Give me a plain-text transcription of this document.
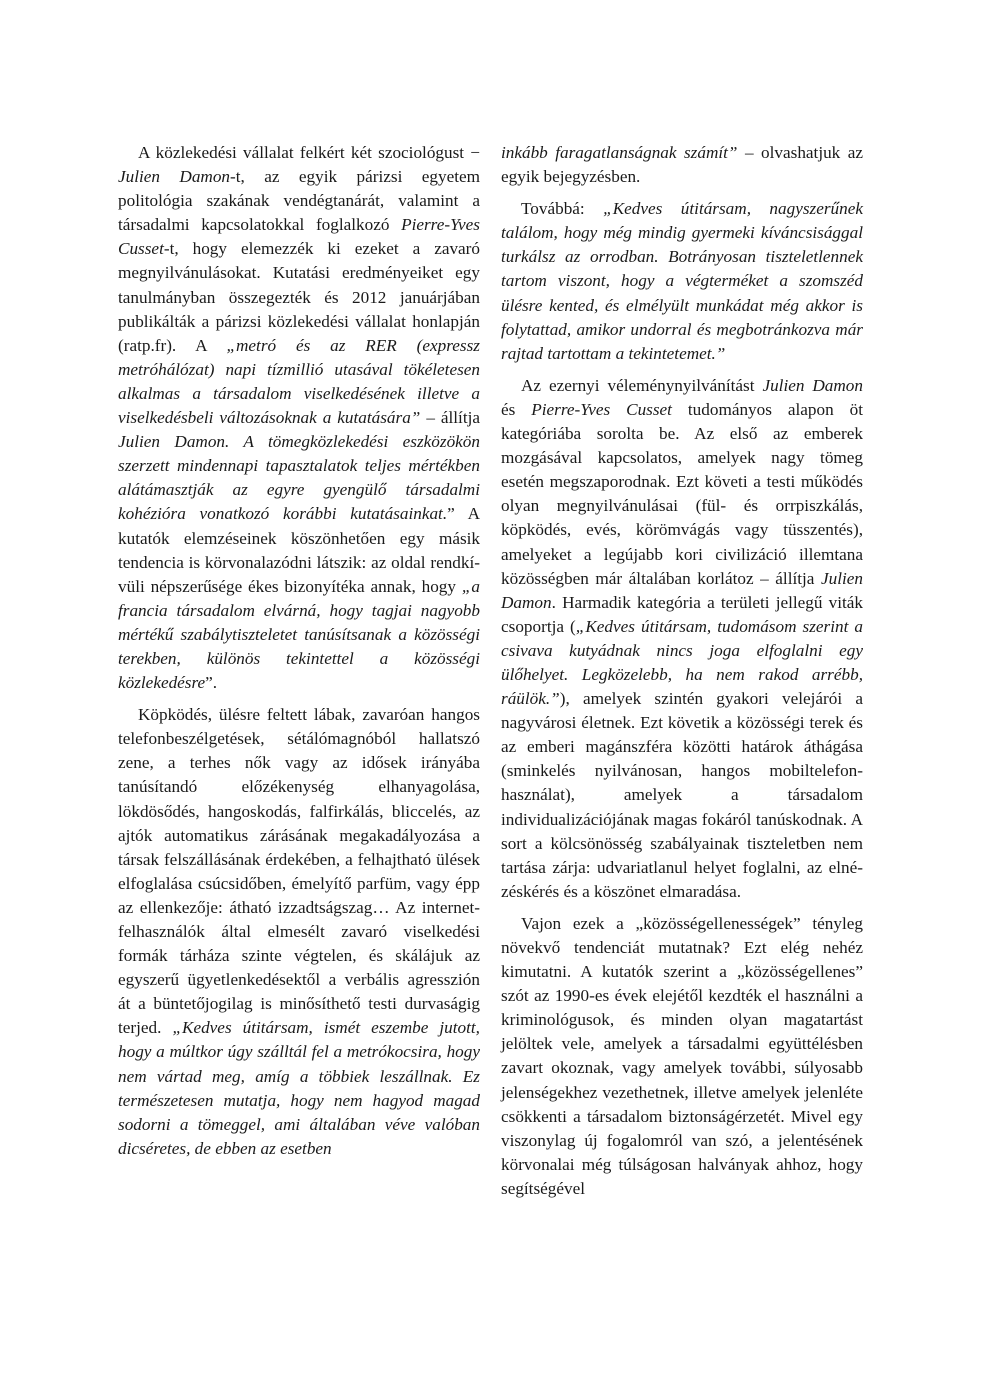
A közlekedési vállalat felkért két szociológust − Julien Damon-t, az egyik párizsi egyetem politológia szakának vendégtanárát, valamint a társadalmi kapcsolatokkal foglalkozó Pierre-Yves Cusset-t, hogy elemezzék ki ezeket a zavaró megnyilvánulásokat. Kutatási eredményeiket egy tanulmányban összegezték és 2012 januárjában publikálták a párizsi közlekedési vállalat honlapján (ratp.fr). A „metró és az RER (expressz metróhálózat) napi tízmillió utasával tökéletesen alkalmas a társadalom viselkedésének illetve a viselkedésbeli változásoknak a kutatására” – állítja Julien Damon. A tömegközlekedési eszközökön szerzett mindennapi tapasztalatok teljes mértékben alátámasztják az egyre gyengülő társadalmi kohézióra vonatkozó korábbi kutatásainkat.” A kutatók elemzéseinek köszönhetően egy másik tendencia is körvonalazódni látszik: az oldal rendkívüli népszerűsége ékes bizonyítéka annak, hogy „a francia társadalom elvárná, hogy tagjai nagyobb mértékű szabálytiszteletet tanúsítsanak a közösségi terekben, különös tekintettel a közösségi közlekedésre”.

Köpködés, ülésre feltett lábak, zavaróan hangos telefonbeszélgetések, sétálómagnóból hallatszó zene, a terhes nők vagy az idősek irányába tanúsítandó előzékenység elhanyagolása, lökdösődés, hangoskodás, falfirkálás, bliccelés, az ajtók automatikus zárásának megakadályozása a társak felszállásának érdekében, a felhajtható ülések elfoglalása csúcsidőben, émelyítő parfüm, vagy épp az ellenkezője: átható izzadtságszag… Az internet-felhasználók által elmesélt zavaró viselkedési formák tárháza szinte végtelen, és skálájuk az egyszerű ügyetlenkedésektől a verbális agresszión át a büntetőjogilag is minősíthető testi durvaságig terjed. „Kedves útitársam, ismét eszembe jutott, hogy a múltkor úgy szálltál fel a metrókocsira, hogy nem vártad meg, amíg a többiek leszállnak. Ez természetesen mutatja, hogy nem hagyod magad sodorni a tömeggel, ami általában véve valóban dicséretes, de ebben az esetben

inkább faragatlanságnak számít” – olvashatjuk az egyik bejegyzésben.

Továbbá: „Kedves útitársam, nagyszerűnek találom, hogy még mindig gyermeki kíváncsisággal turkálsz az orrodban. Botrányosan tiszteletlennek tartom viszont, hogy a végterméket a szomszéd ülésre kented, és elmélyült munkádat még akkor is folytattad, amikor undorral és megbotránkozva már rajtad tartottam a tekintetemet.”

Az ezernyi véleménynyilvánítást Julien Damon és Pierre-Yves Cusset tudományos alapon öt kategóriába sorolta be. Az első az emberek mozgásával kapcsolatos, amelyek nagy tömeg esetén megszaporodnak. Ezt követi a testi működés olyan megnyilvánulásai (fül- és orrpiszkálás, köpködés, evés, körömvágás vagy tüsszentés), amelyeket a legújabb kori civilizáció illemtana közösségben már általában korlátoz – állítja Julien Damon. Harmadik kategória a területi jellegű viták csoportja („Kedves útitársam, tudomásom szerint a csivava kutyádnak nincs joga elfoglalni egy ülőhelyet. Legközelebb, ha nem rakod arrébb, ráülök.”), amelyek szintén gyakori velejárói a nagyvárosi életnek. Ezt követik a közösségi terek és az emberi magánszféra közötti határok áthágása (sminkelés nyilvánosan, hangos mobiltelefon-használat), amelyek a társadalom individualizációjának magas fokáról tanúskodnak. A sort a kölcsönösség szabályainak tiszteletben nem tartása zárja: udvariatlanul helyet foglalni, az elnézéskérés és a köszönet elmaradása.

Vajon ezek a „közösségellenességek” tényleg növekvő tendenciát mutatnak? Ezt elég nehéz kimutatni. A kutatók szerint a „közösségellenes” szót az 1990-es évek elejétől kezdték el használni a kriminológusok, és minden olyan magatartást jelöltek vele, amelyek a társadalmi együttélésben zavart okoznak, vagy amelyek további, súlyosabb jelenségekhez vezethetnek, illetve amelyek jelenléte csökkenti a társadalom biztonságérzetét. Mivel egy viszonylag új fogalomról van szó, a jelentésének körvonalai még túlságosan halványak ahhoz, hogy segítségével
